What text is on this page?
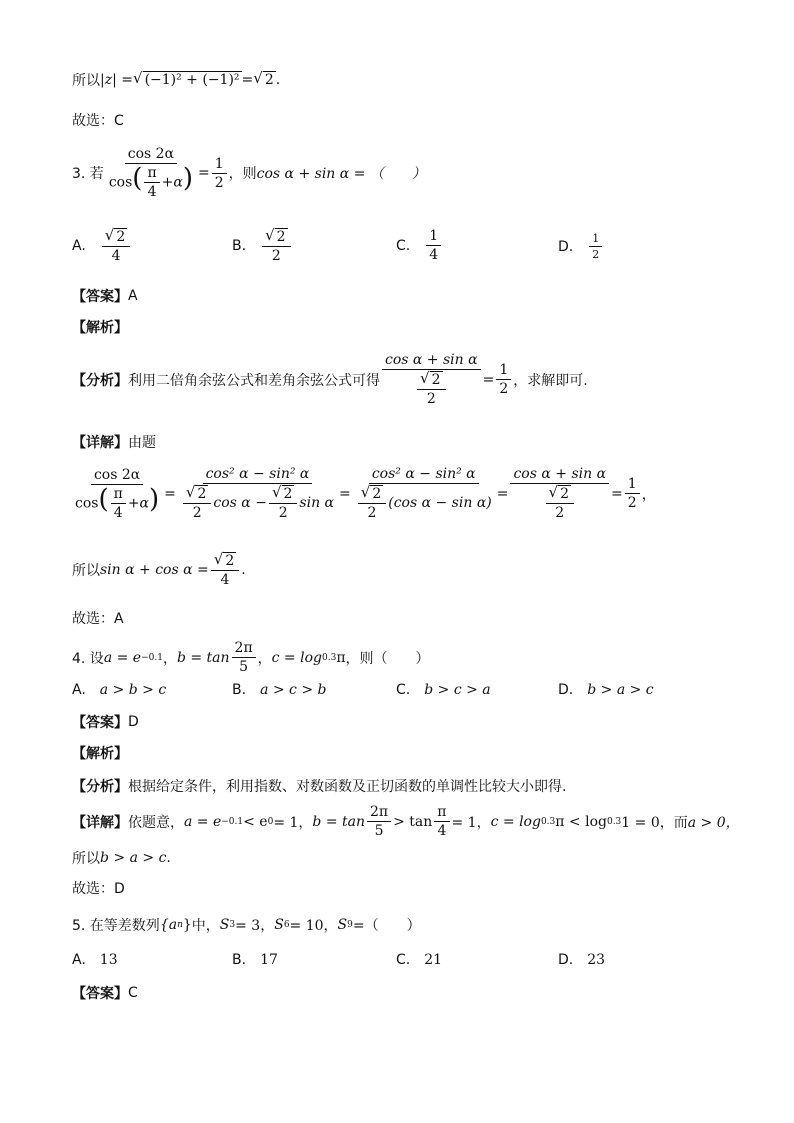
所以 |z| = √ (−1)² + (−1)² = √ 2 .
故选：C
3. 若 $\frac{\cos 2\alpha}{\cos( \frac{\pi}{4} +\alpha)} = \frac{1}{2}$ ，则 cos α + sin α = （　　）
A. $\frac{√ 2}{4}$	B. $\frac{√ 2}{2}$	C. $\frac{1}{4}$	D. $\frac{1}{2}$
【答案】 A
【解析】
【分析】 利用二倍角余弦公式和差角余弦公式可得 $\frac{\text{cos α + sin α}}{\frac{√ 2}{2}} = \frac{1}{2}$ ，求解即可.
【详解】 由题
$\frac{\cos 2\alpha}{\cos( \frac{\pi}{4} +\alpha)} = \frac{\text{cos² α − sin² α}}{\frac{√ 2}{2} \cos \alpha - \frac{√ 2}{2} \sin \alpha} = \frac{\text{cos² α − sin² α}}{\frac{√ 2}{2} (\cos \alpha - \sin \alpha)} = \frac{\text{cos α + sin α}}{\frac{√ 2}{2}} = \frac{1}{2}$ ，
所以 $\sin \alpha + \cos \alpha = \frac{√ 2}{4}$ .
故选：A
4. 设 a = e −0.1 ， $b = \tan \frac{2\pi}{5}$ ， c = log 0.3 π ，则（　　）
A. a > b > c	B. a > c > b	C. b > c > a	D. b > a > c
【答案】 D
【解析】
【分析】 根据给定条件，利用指数、对数函数及正切函数的单调性比较大小即得.
【详解】 依题意， a = e −0.1 < e 0 = 1， $b = \tan \frac{2\pi}{5} > \tan \frac{\pi}{4} = 1$， c = log 0.3 π < log 0.3 1 = 0， 而 a > 0，
所以 b > a > c .
故选：D
5. 在等差数列 {a n } 中， S 3 = 3， S 6 = 10， S 9 =（　　）
A. 13	B. 17	C. 21	D. 23
【答案】 C
